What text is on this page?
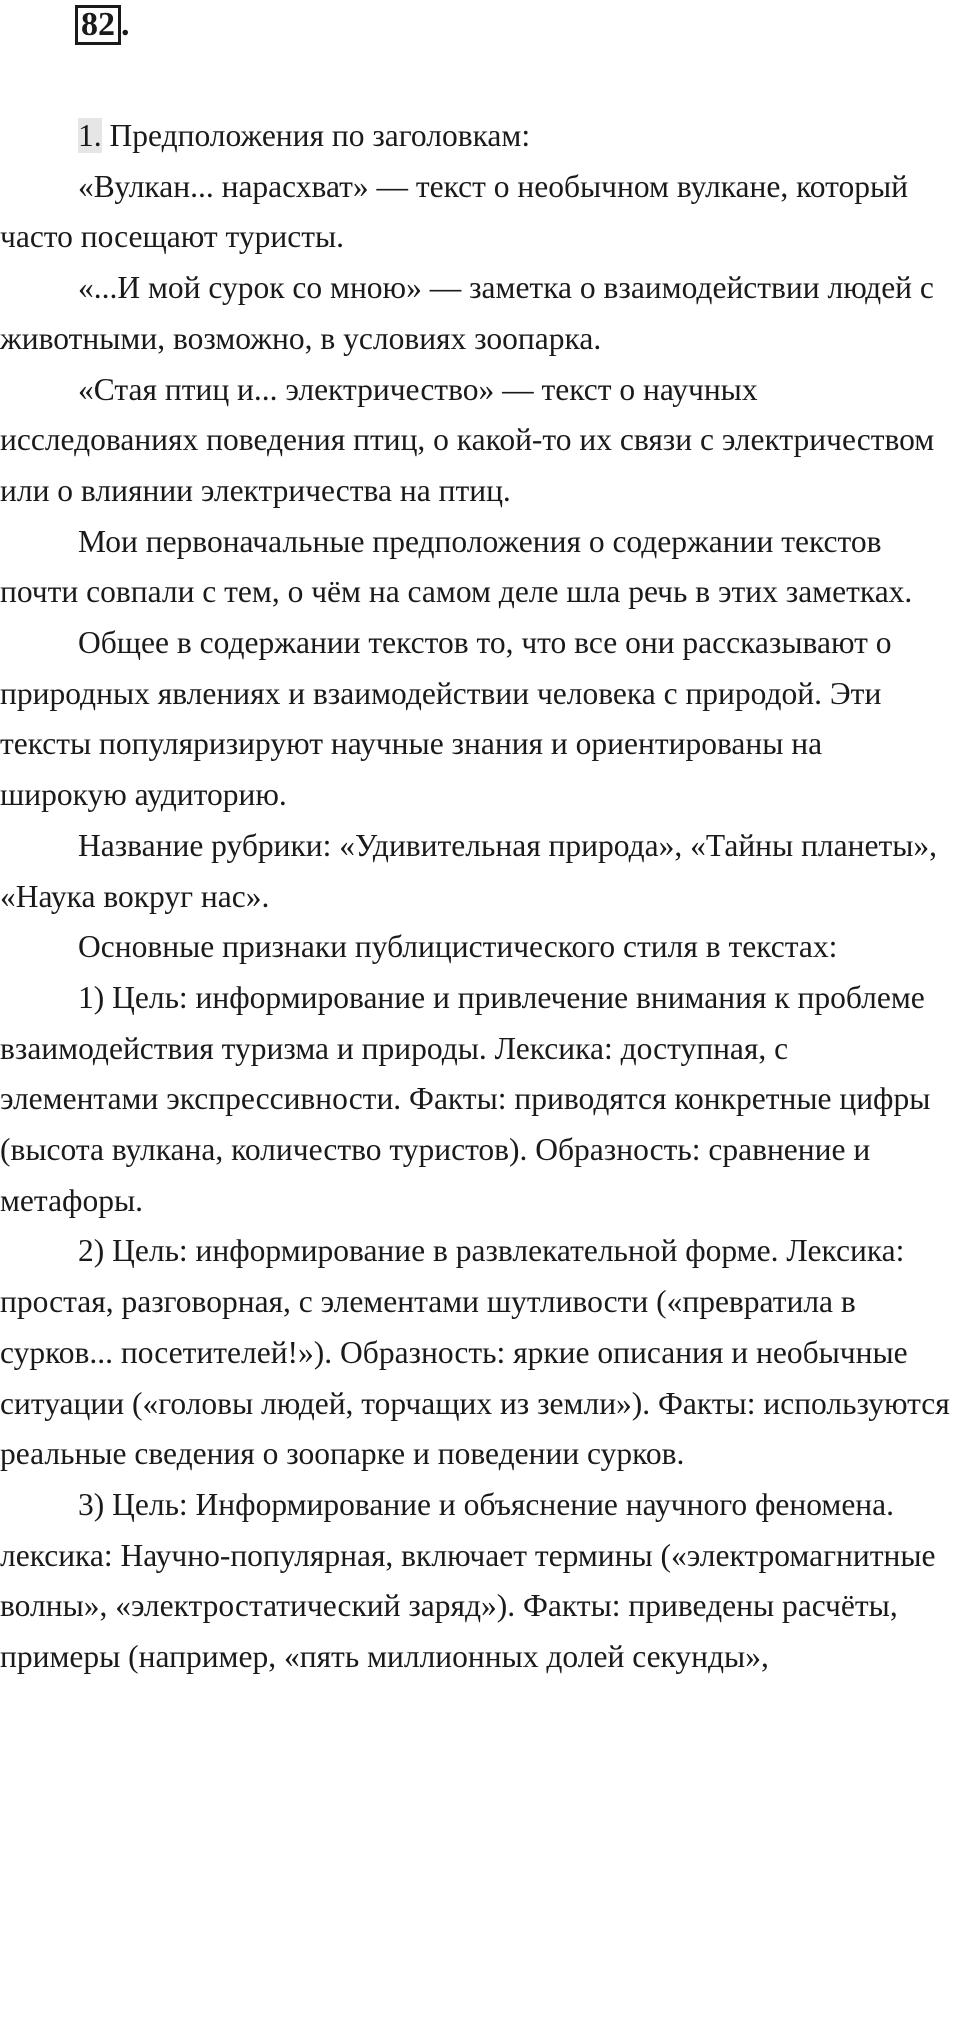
82 .

1. Предположения по заголовкам:

«Вулкан... нарасхват» — текст о необычном вулкане, который часто посещают туристы.

«...И мой сурок со мною» — заметка о взаимодействии людей с животными, возможно, в условиях зоопарка.

«Стая птиц и... электричество» — текст о научных исследованиях поведения птиц, о какой-то их связи с электричеством или о влиянии электричества на птиц.

Мои первоначальные предположения о содержании текстов почти совпали с тем, о чём на самом деле шла речь в этих заметках.

Общее в содержании текстов то, что все они рассказывают о природных явлениях и взаимодействии человека с природой. Эти тексты популяризируют научные знания и ориентированы на широкую аудиторию.

Название рубрики: «Удивительная природа», «Тайны планеты», «Наука вокруг нас».

Основные признаки публицистического стиля в текстах:

1) Цель: информирование и привлечение внимания к проблеме взаимодействия туризма и природы. Лексика: доступная, с элементами экспрессивности. Факты: приводятся конкретные цифры (высота вулкана, количество туристов). Образность: сравнение и метафоры.

2) Цель: информирование в развлекательной форме. Лексика: простая, разговорная, с элементами шутливости («превратила в сурков... посетителей!»). Образность: яркие описания и необычные ситуации («головы людей, торчащих из земли»). Факты: используются реальные сведения о зоопарке и поведении сурков.

3) Цель: Информирование и объяснение научного феномена. лексика: Научно-популярная, включает термины («электромагнитные волны», «электростатический заряд»). Факты: приведены расчёты, примеры (например, «пять миллионных долей секунды»,
